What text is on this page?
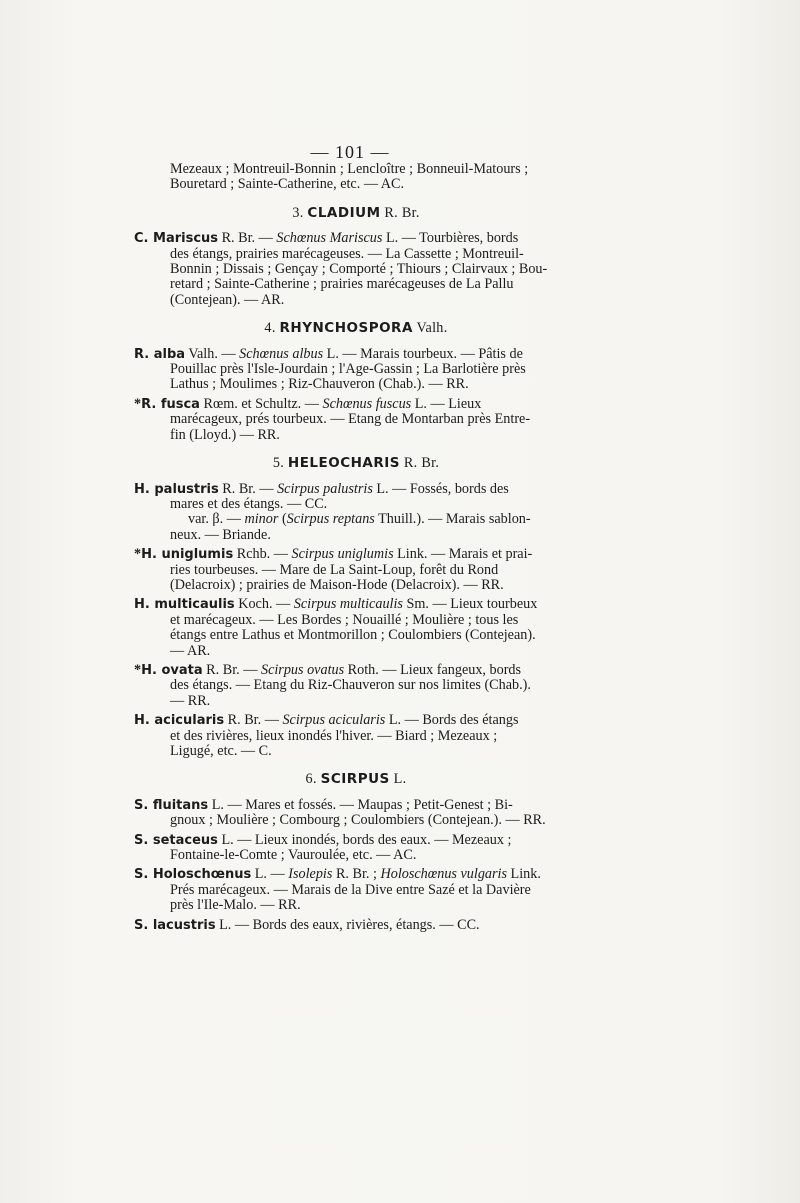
— 101 —
Mezeaux ; Montreuil-Bonnin ; Lencloître ; Bonneuil-Matours ;
Bouretard ; Sainte-Catherine, etc. — AC.
3. CLADIUM R. Br.
C. Mariscus R. Br. — Schœnus Mariscus L. — Tourbières, bords
des étangs, prairies marécageuses. — La Cassette ; Montreuil-
Bonnin ; Dissais ; Gençay ; Comporté ; Thiours ; Clairvaux ; Bou-
retard ; Sainte-Catherine ; prairies marécageuses de La Pallu
(Contejean). — AR.
4. RHYNCHOSPORA Valh.
R. alba Valh. — Schœnus albus L. — Marais tourbeux. — Pâtis de
Pouillac près l'Isle-Jourdain ; l'Age-Gassin ; La Barlotière près
Lathus ; Moulimes ; Riz-Chauveron (Chab.). — RR.
*R. fusca Rœm. et Schultz. — Schœnus fuscus L. — Lieux
marécageux, prés tourbeux. — Etang de Montarban près Entre-
fin (Lloyd.) — RR.
5. HELEOCHARIS R. Br.
H. palustris R. Br. — Scirpus palustris L. — Fossés, bords des
mares et des étangs. — CC.
var. β. — minor (Scirpus reptans Thuill.). — Marais sablon-
neux. — Briande.
*H. uniglumis Rchb. — Scirpus uniglumis Link. — Marais et prai-
ries tourbeuses. — Mare de La Saint-Loup, forêt du Rond
(Delacroix) ; prairies de Maison-Hode (Delacroix). — RR.
H. multicaulis Koch. — Scirpus multicaulis Sm. — Lieux tourbeux
et marécageux. — Les Bordes ; Nouaillé ; Moulière ; tous les
étangs entre Lathus et Montmorillon ; Coulombiers (Contejean).
— AR.
*H. ovata R. Br. — Scirpus ovatus Roth. — Lieux fangeux, bords
des étangs. — Etang du Riz-Chauveron sur nos limites (Chab.).
— RR.
H. acicularis R. Br. — Scirpus acicularis L. — Bords des étangs
et des rivières, lieux inondés l'hiver. — Biard ; Mezeaux ;
Ligugé, etc. — C.
6. SCIRPUS L.
S. fluitans L. — Mares et fossés. — Maupas ; Petit-Genest ; Bi-
gnoux ; Moulière ; Combourg ; Coulombiers (Contejean.). — RR.
S. setaceus L. — Lieux inondés, bords des eaux. — Mezeaux ;
Fontaine-le-Comte ; Vauroulée, etc. — AC.
S. Holoschœnus L. — Isolepis R. Br. ; Holoschœnus vulgaris Link.
Prés marécageux. — Marais de la Dive entre Sazé et la Davière
près l'Ile-Malo. — RR.
S. lacustris L. — Bords des eaux, rivières, étangs. — CC.
